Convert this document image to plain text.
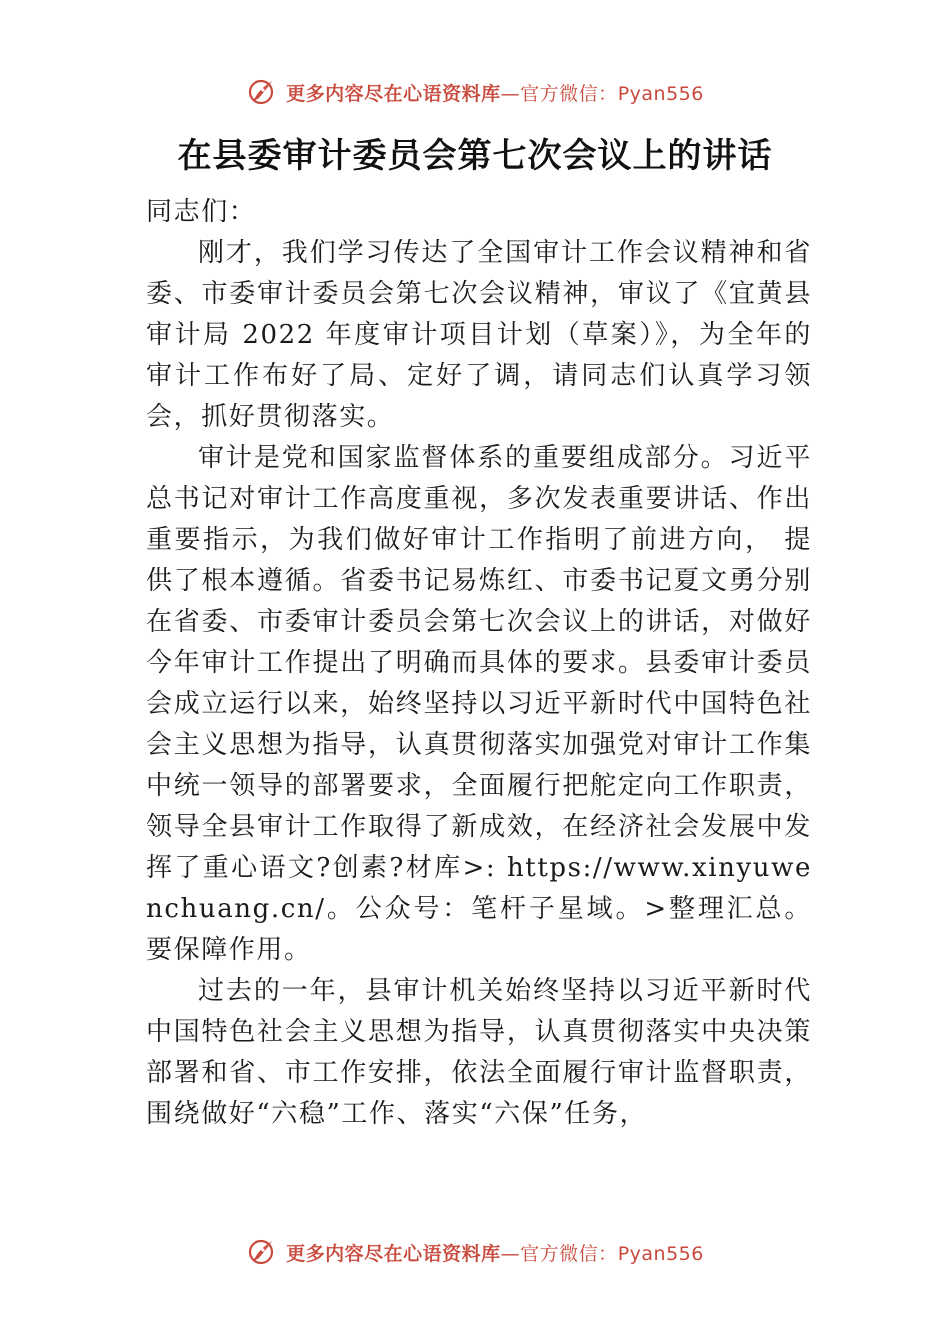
更多内容尽在心语资料库—官方微信：Pyan556
在县委审计委员会第七次会议上的讲话

同志们：

刚才，我们学习传达了全国审计工作会议精神和省委、市委审计委员会第七次会议精神，审议了《宜黄县审计局 2022 年度审计项目计划（草案）》，为全年的审计工作布好了局、定好了调，请同志们认真学习领会，抓好贯彻落实。

审计是党和国家监督体系的重要组成部分。习近平总书记对审计工作高度重视，多次发表重要讲话、作出重要指示，为我们做好审计工作指明了前进方向， 提供了根本遵循。省委书记易炼红、市委书记夏文勇分别在省委、市委审计委员会第七次会议上的讲话，对做好今年审计工作提出了明确而具体的要求。县委审计委员会成立运行以来，始终坚持以习近平新时代中国特色社会主义思想为指导，认真贯彻落实加强党对审计工作集中统一领导的部署要求，全面履行把舵定向工作职责，领导全县审计工作取得了新成效，在经济社会发展中发挥了重心语文?创素?材库>: https://www.xinyuwenchuang.cn/。公众号：笔杆子星域。>整理汇总。要保障作用。

过去的一年，县审计机关始终坚持以习近平新时代中国特色社会主义思想为指导，认真贯彻落实中央决策部署和省、市工作安排，依法全面履行审计监督职责，围绕做好“六稳”工作、落实“六保”任务，

更多内容尽在心语资料库—官方微信：Pyan556
